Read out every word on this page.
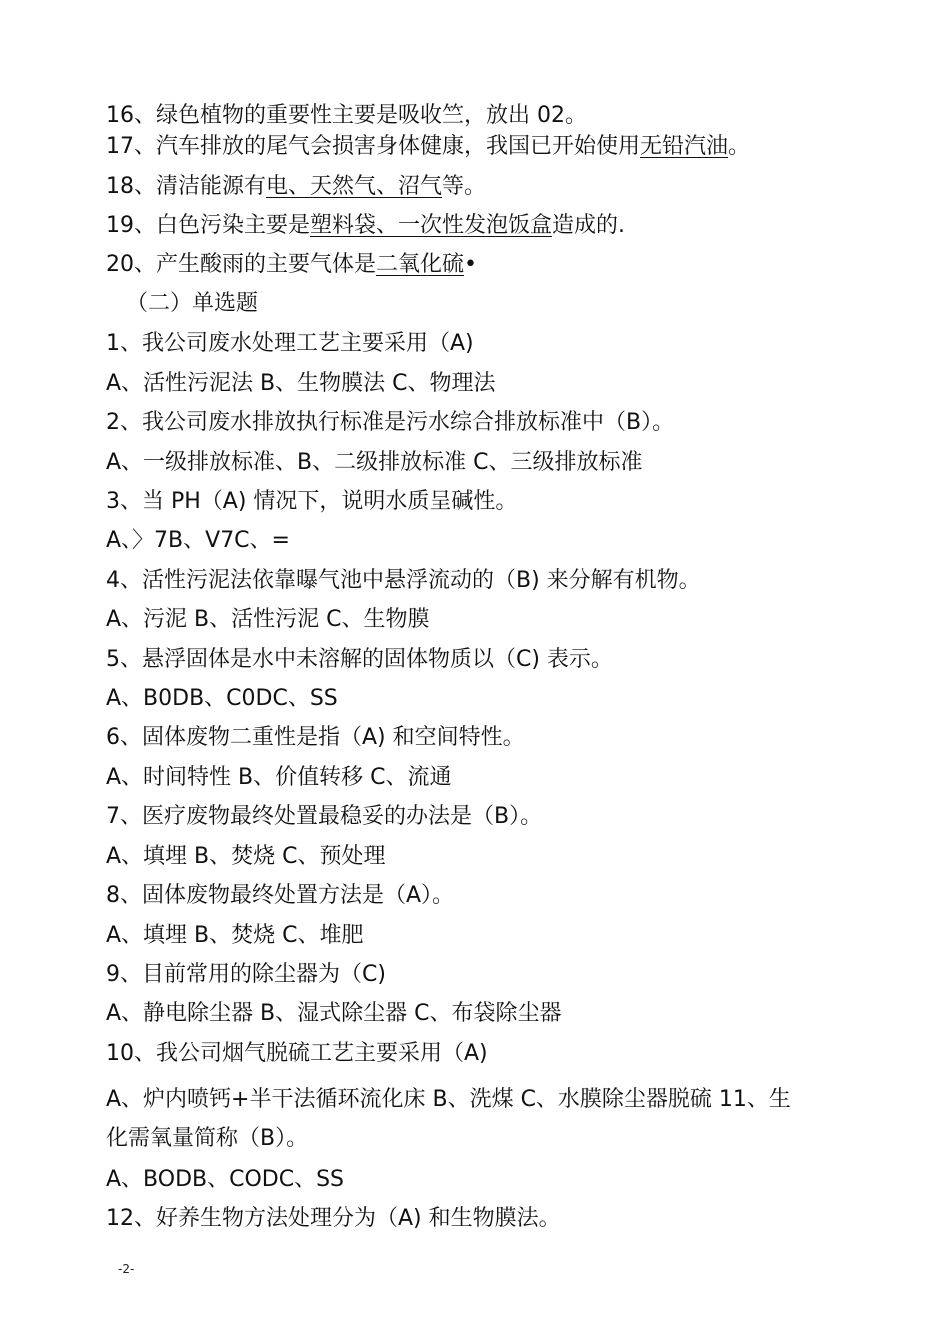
16、绿色植物的重要性主要是吸收竺，放出 02。
17、汽车排放的尾气会损害身体健康，我国已开始使用无铅汽油。
18、清洁能源有电、天然气、沼气等。
19、白色污染主要是塑料袋、一次性发泡饭盒造成的.
20、产生酸雨的主要气体是二氧化硫•
（二）单选题
1、我公司废水处理工艺主要采用（A)
A、活性污泥法 B、生物膜法 C、物理法
2、我公司废水排放执行标准是污水综合排放标准中（B）。
A、一级排放标准、B、二级排放标准 C、三级排放标准
3、当 PH（A) 情况下，说明水质呈碱性。
A、〉7B、V7C、=
4、活性污泥法依靠曝气池中悬浮流动的（B) 来分解有机物。
A、污泥 B、活性污泥 C、生物膜
5、悬浮固体是水中未溶解的固体物质以（C) 表示。
A、B0DB、C0DC、SS
6、固体废物二重性是指（A) 和空间特性。
A、时间特性 B、价值转移 C、流通
7、医疗废物最终处置最稳妥的办法是（B）。
A、填埋 B、焚烧 C、预处理
8、固体废物最终处置方法是（A）。
A、填埋 B、焚烧 C、堆肥
9、目前常用的除尘器为（C)
A、静电除尘器 B、湿式除尘器 C、布袋除尘器
10、我公司烟气脱硫工艺主要采用（A)
A、炉内喷钙+半干法循环流化床 B、洗煤 C、水膜除尘器脱硫 11、生
化需氧量简称（B）。
A、BODB、CODC、SS
12、好养生物方法处理分为（A) 和生物膜法。
-2-
